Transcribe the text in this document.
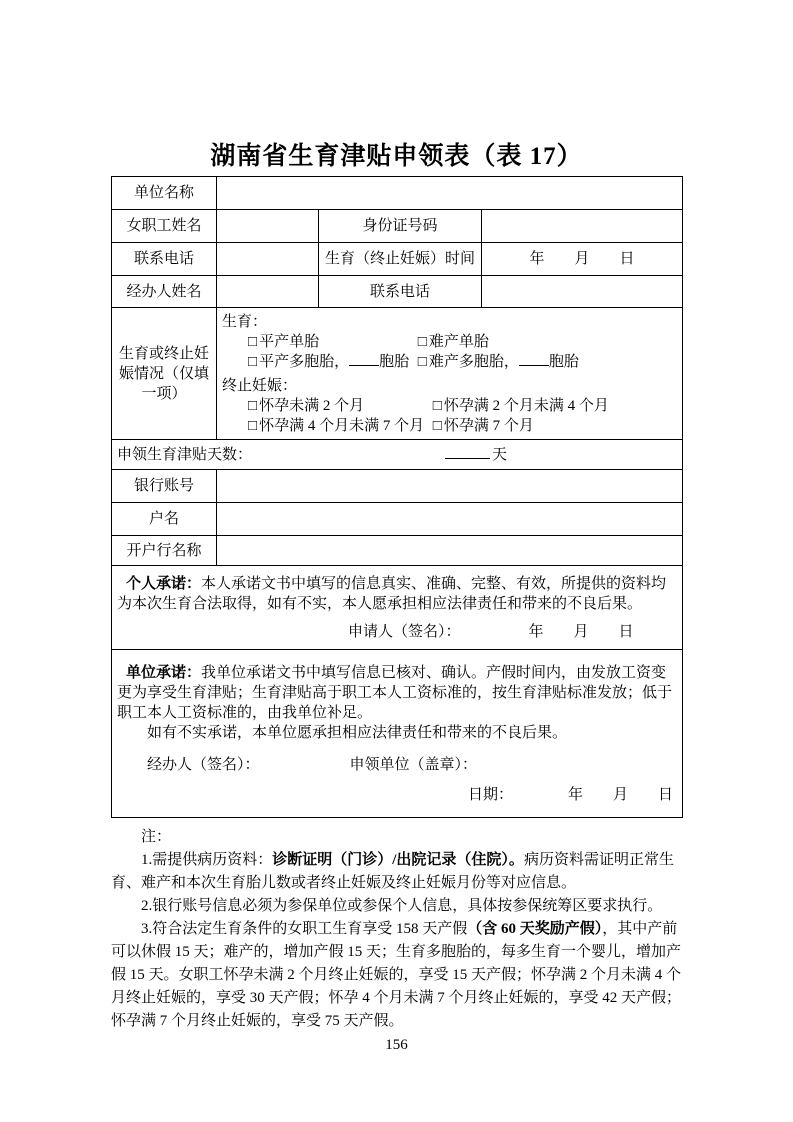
湖南省生育津贴申领表（表 17）
单位名称			
女职工姓名		身份证号码	
联系电话		生育（终止妊娠）时间	年　　月　　日
经办人姓名		联系电话	
生育或终止妊娠情况（仅填一项）	
生育：
□ 平产单胎	□ 难产单胎
□ 平产多胞胎， 胞胎 □ 难产多胞胎， 胞胎
终止妊娠：
□ 怀孕未满 2 个月	□ 怀孕满 2 个月未满 4 个月
□ 怀孕满 4 个月未满 7 个月 □ 怀孕满 7 个月

申领生育津贴天数： 天			
银行账号			
户名			
开户行名称			

个人承诺：本人承诺文书中填写的信息真实、准确、完整、有效，所提供的资料均为本次生育合法取得，如有不实，本人愿承担相应法律责任和带来的不良后果。

申请人（签名）： 年　　月　　日			

单位承诺：我单位承诺文书中填写信息已核对、确认。产假时间内，由发放工资变更为享受生育津贴；生育津贴高于职工本人工资标准的，按生育津贴标准发放；低于职工本人工资标准的，由我单位补足。

如有不实承诺，本单位愿承担相应法律责任和带来的不良后果。

经办人（签名）： 申领单位（盖章）：
日期： 年　　月　　日			

注：

1.需提供病历资料：诊断证明（门诊）/出院记录（住院）。病历资料需证明正常生育、难产和本次生育胎儿数或者终止妊娠及终止妊娠月份等对应信息。

2.银行账号信息必须为参保单位或参保个人信息，具体按参保统筹区要求执行。

3.符合法定生育条件的女职工生育享受 158 天产假（含 60 天奖励产假），其中产前可以休假 15 天；难产的，增加产假 15 天；生育多胞胎的，每多生育一个婴儿，增加产假 15 天。女职工怀孕未满 2 个月终止妊娠的，享受 15 天产假；怀孕满 2 个月未满 4 个月终止妊娠的，享受 30 天产假；怀孕 4 个月未满 7 个月终止妊娠的，享受 42 天产假；怀孕满 7 个月终止妊娠的，享受 75 天产假。

156
